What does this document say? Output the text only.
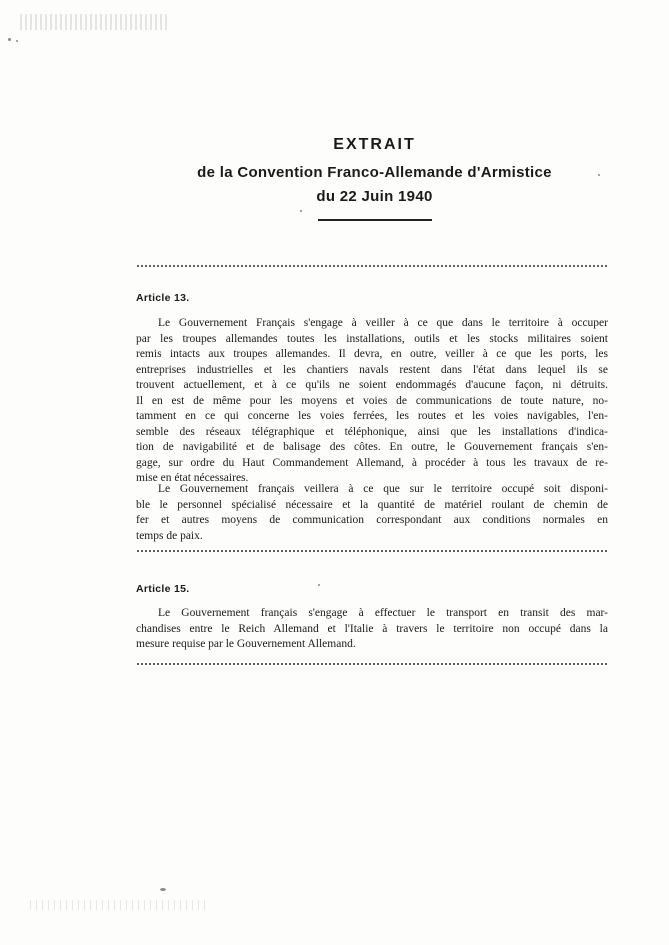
EXTRAIT
de la Convention Franco-Allemande d'Armistice
du 22 Juin 1940
Article 13.
Le Gouvernement Français s'engage à veiller à ce que dans le territoire à occuper
par les troupes allemandes toutes les installations, outils et les stocks militaires soient
remis intacts aux troupes allemandes. Il devra, en outre, veiller à ce que les ports, les
entreprises industrielles et les chantiers navals restent dans l'état dans lequel ils se
trouvent actuellement, et à ce qu'ils ne soient endommagés d'aucune façon, ni détruits.
Il en est de même pour les moyens et voies de communications de toute nature, no-
tamment en ce qui concerne les voies ferrées, les routes et les voies navigables, l'en-
semble des réseaux télégraphique et téléphonique, ainsi que les installations d'indica-
tion de navigabilité et de balisage des côtes. En outre, le Gouvernement français s'en-
gage, sur ordre du Haut Commandement Allemand, à procéder à tous les travaux de re-
mise en état nécessaires.
Le Gouvernement français veillera à ce que sur le territoire occupé soit disponi-
ble le personnel spécialisé nécessaire et la quantité de matériel roulant de chemin de
fer et autres moyens de communication correspondant aux conditions normales en
temps de paix.
Article 15.
Le Gouvernement français s'engage à effectuer le transport en transit des mar-
chandises entre le Reich Allemand et l'Italie à travers le territoire non occupé dans la
mesure requise par le Gouvernement Allemand.
